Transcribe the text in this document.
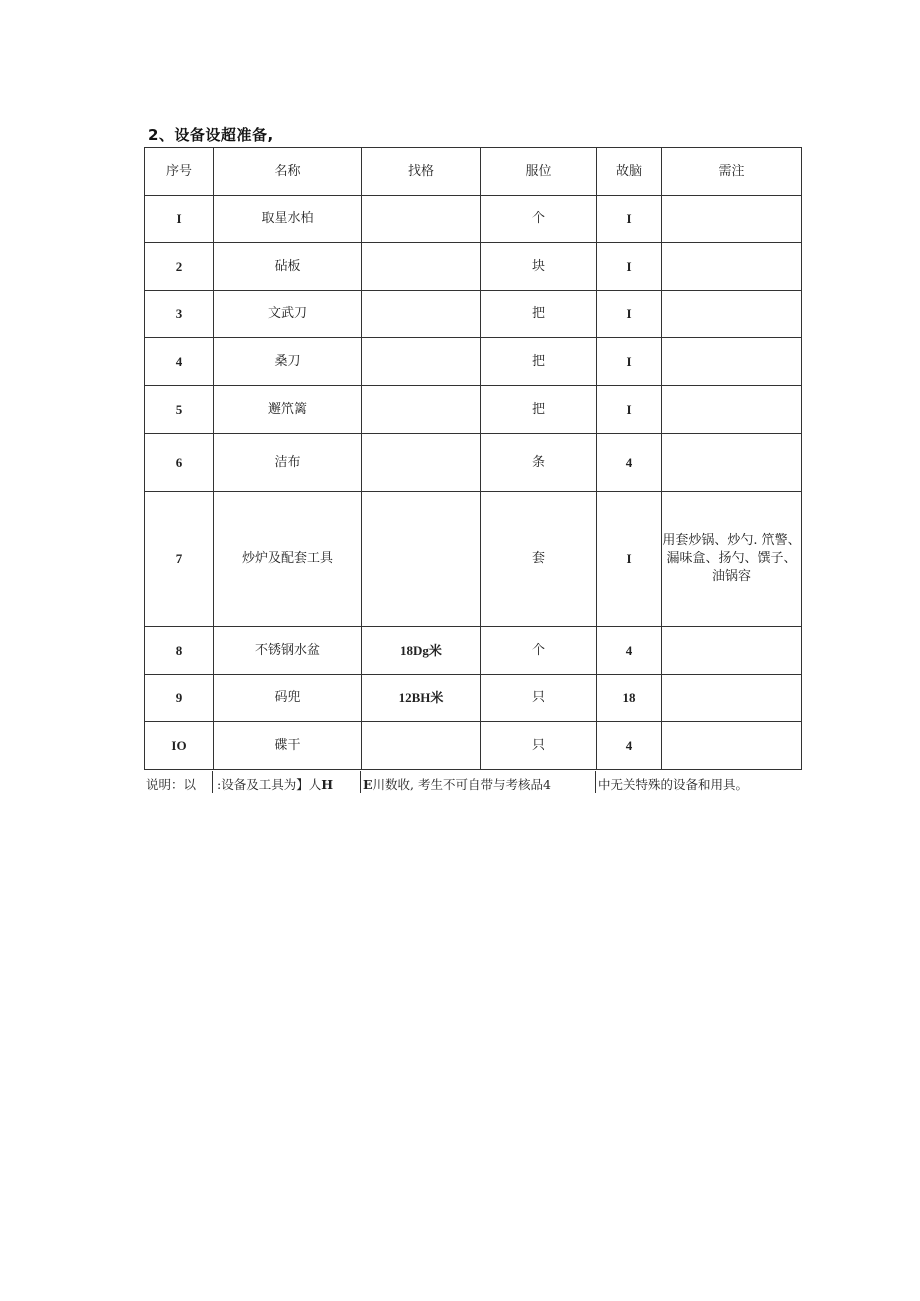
2、设备设超准备,
序号	名称	找格	服位	故脑	需注
I	取星水柏		个	I	
2	砧板		块	I	
3	文武刀		把	I	
4	桑刀		把	I	
5	邂笊篱		把	I	
6	洁布		条	4	
7	炒炉及配套工具		套	I	用套炒锅、炒勺. 笊警、漏味盒、扬勺、馔子、油锅容
8	不锈钢水盆	18Dg米	个	4	
9	码兜	12BH米	只	18	
IO	碟干		只	4	
说明：以 :设备及工具为】人H E川数收, 考生不可自带与考核品4	中无关特殊的设备和用具。
